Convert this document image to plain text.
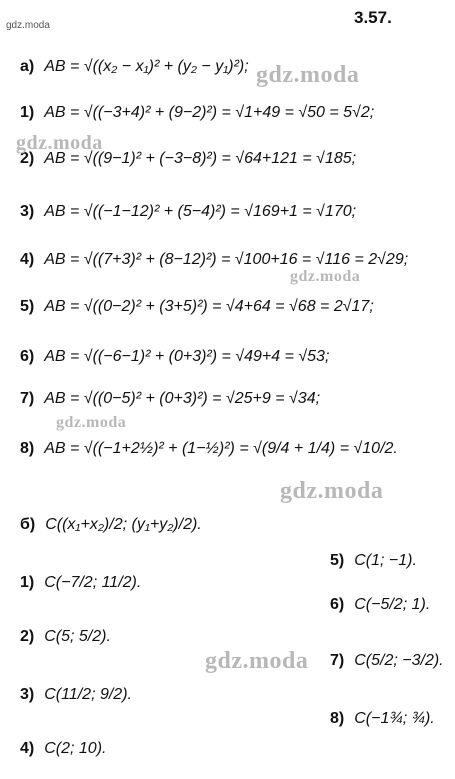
gdz.moda	3.57.
а) AB = √((x₂ − x₁)² + (y₂ − y₁)²);
1) AB = √((−3+4)² + (9−2)²) = √1+49 = √50 = 5√2;
2) AB = √((9−1)² + (−3−8)²) = √64+121 = √185;
3) AB = √((−1−12)² + (5−4)²) = √169+1 = √170;
4) AB = √((7+3)² + (8−12)²) = √100+16 = √116 = 2√29;
5) AB = √((0−2)² + (3+5)²) = √4+64 = √68 = 2√17;
6) AB = √((−6−1)² + (0+3)²) = √49+4 = √53;
7) AB = √((0−5)² + (0+3)²) = √25+9 = √34;
8) AB = √((−1+2½)² + (1−½)²) = √(9/4 + 1/4) = √10/2.
б) C((x₁+x₂)/2; (y₁+y₂)/2).
1) C(−7/2; 11/2).
2) C(5; 5/2).
3) C(11/2; 9/2).
4) C(2; 10).
5) C(1; −1).
6) C(−5/2; 1).
7) C(5/2; −3/2).
8) C(−1¾; ¾).
gdz.moda
gdz.moda
gdz.moda
gdz.moda
gdz.moda
gdz.moda
